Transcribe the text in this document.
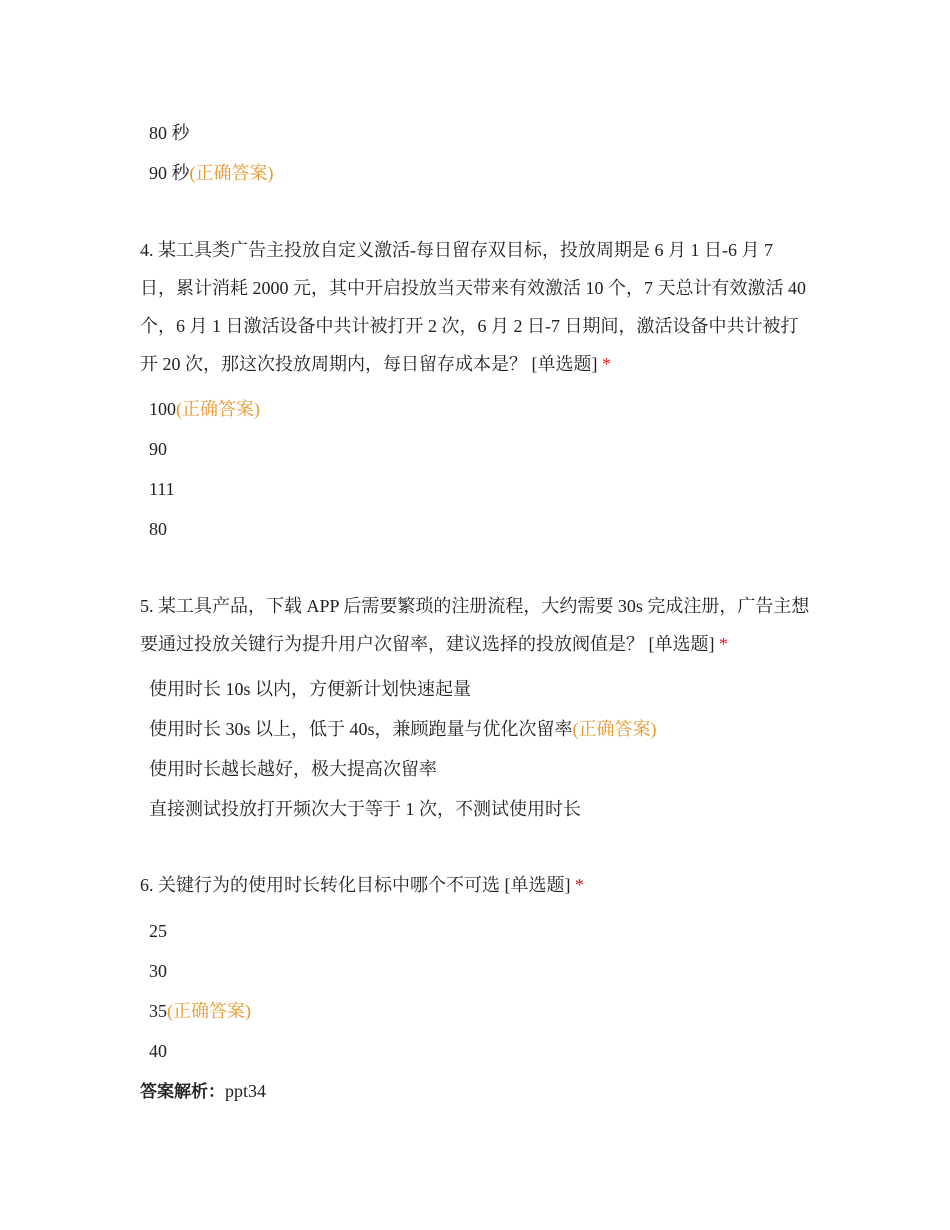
80 秒
90 秒(正确答案)
4. 某工具类广告主投放自定义激活-每日留存双目标，投放周期是 6 月 1 日-6 月 7 日，累计消耗 2000 元，其中开启投放当天带来有效激活 10 个，7 天总计有效激活 40 个，6 月 1 日激活设备中共计被打开 2 次，6 月 2 日-7 日期间，激活设备中共计被打开 20 次，那这次投放周期内，每日留存成本是？ [单选题] *
100(正确答案)
90
111
80
5. 某工具产品，下载 APP 后需要繁琐的注册流程，大约需要 30s 完成注册，广告主想要通过投放关键行为提升用户次留率，建议选择的投放阀值是？ [单选题] *
使用时长 10s 以内，方便新计划快速起量
使用时长 30s 以上，低于 40s，兼顾跑量与优化次留率(正确答案)
使用时长越长越好，极大提高次留率
直接测试投放打开频次大于等于 1 次，不测试使用时长
6. 关键行为的使用时长转化目标中哪个不可选 [单选题] *
25
30
35(正确答案)
40
答案解析：ppt34
